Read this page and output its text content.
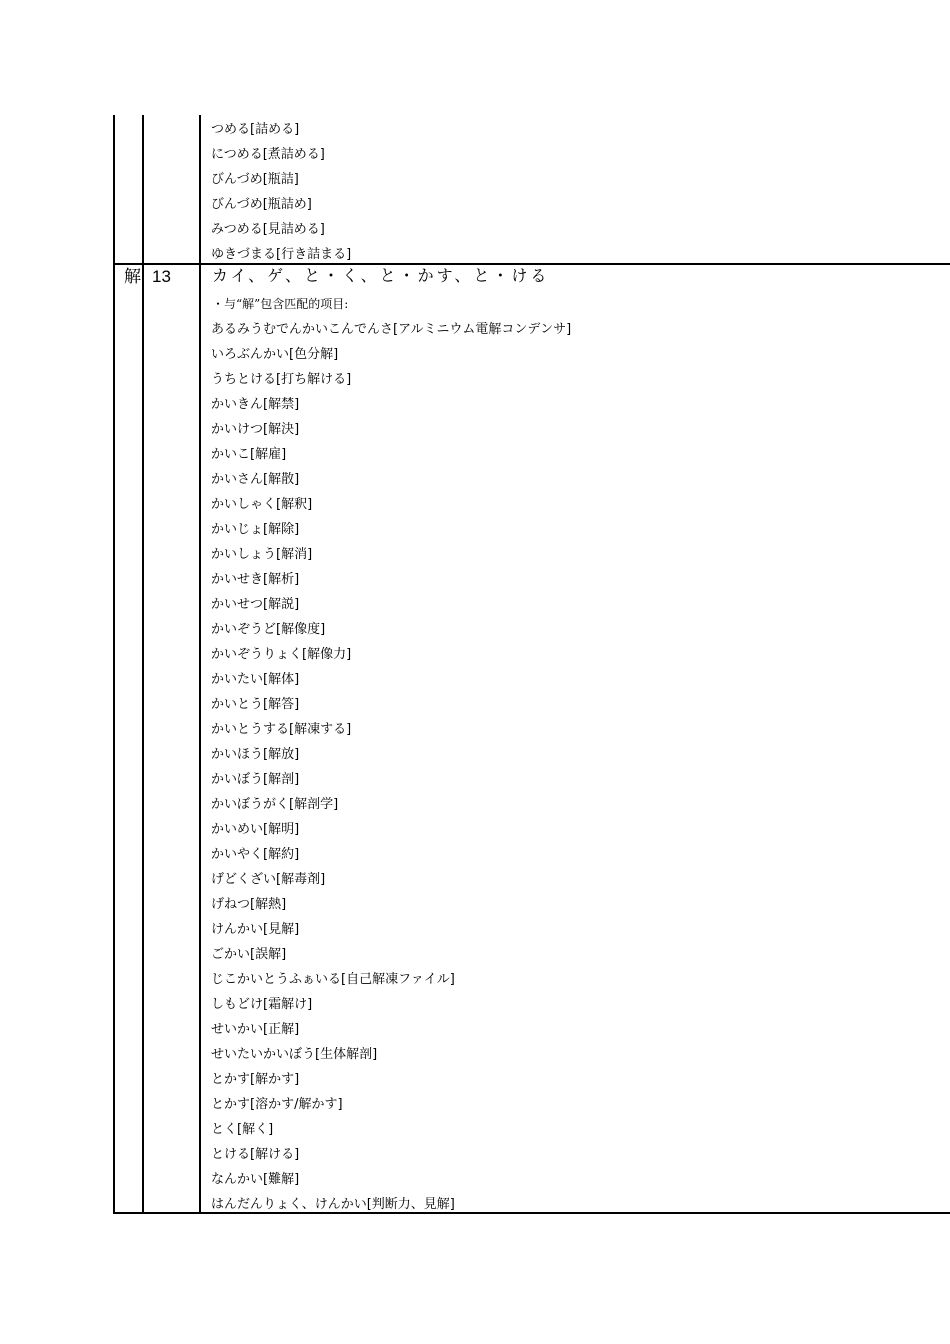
つめる[詰める]
につめる[煮詰める]
びんづめ[瓶詰]
びんづめ[瓶詰め]
みつめる[見詰める]
ゆきづまる[行き詰まる]
解 13	カイ、ゲ、と・く、と・かす、と・ける
・与“解”包含匹配的项目:
あるみうむでんかいこんでんさ[アルミニウム電解コンデンサ]
いろぶんかい[色分解]
うちとける[打ち解ける]
かいきん[解禁]
かいけつ[解決]
かいこ[解雇]
かいさん[解散]
かいしゃく[解釈]
かいじょ[解除]
かいしょう[解消]
かいせき[解析]
かいせつ[解説]
かいぞうど[解像度]
かいぞうりょく[解像力]
かいたい[解体]
かいとう[解答]
かいとうする[解凍する]
かいほう[解放]
かいぼう[解剖]
かいぼうがく[解剖学]
かいめい[解明]
かいやく[解約]
げどくざい[解毒剤]
げねつ[解熱]
けんかい[見解]
ごかい[誤解]
じこかいとうふぁいる[自己解凍ファイル]
しもどけ[霜解け]
せいかい[正解]
せいたいかいぼう[生体解剖]
とかす[解かす]
とかす[溶かす/解かす]
とく[解く]
とける[解ける]
なんかい[難解]
はんだんりょく、けんかい[判断力、見解]
